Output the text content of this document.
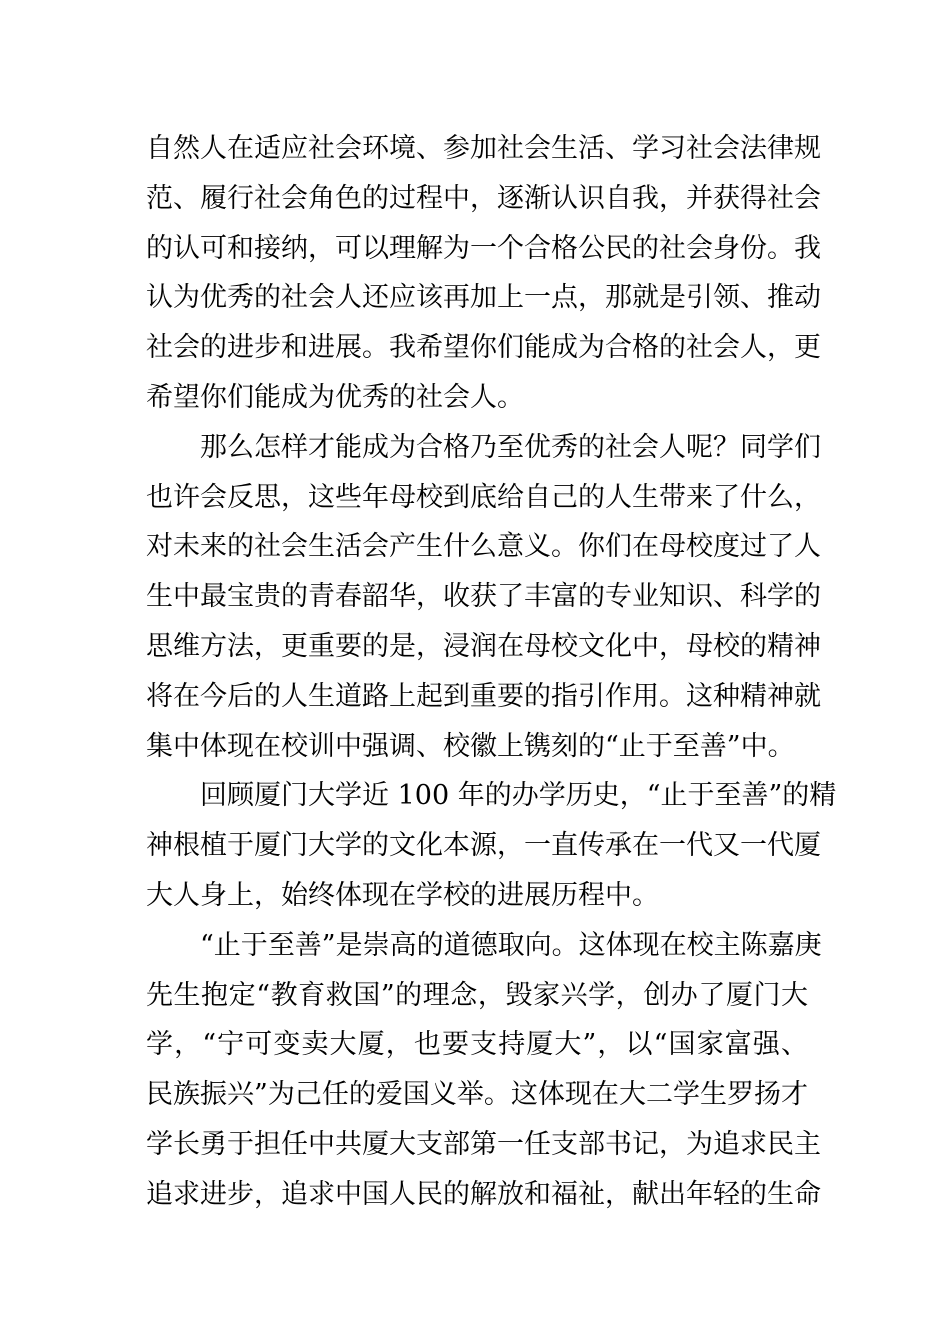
自然人在适应社会环境、参加社会生活、学习社会法律规
范、履行社会角色的过程中，逐渐认识自我，并获得社会
的认可和接纳，可以理解为一个合格公民的社会身份。我
认为优秀的社会人还应该再加上一点，那就是引领、推动
社会的进步和进展。我希望你们能成为合格的社会人，更
希望你们能成为优秀的社会人。
　　那么怎样才能成为合格乃至优秀的社会人呢？同学们
也许会反思，这些年母校到底给自己的人生带来了什么，
对未来的社会生活会产生什么意义。你们在母校度过了人
生中最宝贵的青春韶华，收获了丰富的专业知识、科学的
思维方法，更重要的是，浸润在母校文化中，母校的精神
将在今后的人生道路上起到重要的指引作用。这种精神就
集中体现在校训中强调、校徽上镌刻的“止于至善”中。
　　回顾厦门大学近 100 年的办学历史，“止于至善”的精
神根植于厦门大学的文化本源，一直传承在一代又一代厦
大人身上，始终体现在学校的进展历程中。
　　“止于至善”是崇高的道德取向。这体现在校主陈嘉庚
先生抱定“教育救国”的理念，毁家兴学，创办了厦门大
学，“宁可变卖大厦，也要支持厦大”，以“国家富强、
民族振兴”为己任的爱国义举。这体现在大二学生罗扬才
学长勇于担任中共厦大支部第一任支部书记，为追求民主
追求进步，追求中国人民的解放和福祉，献出年轻的生命
